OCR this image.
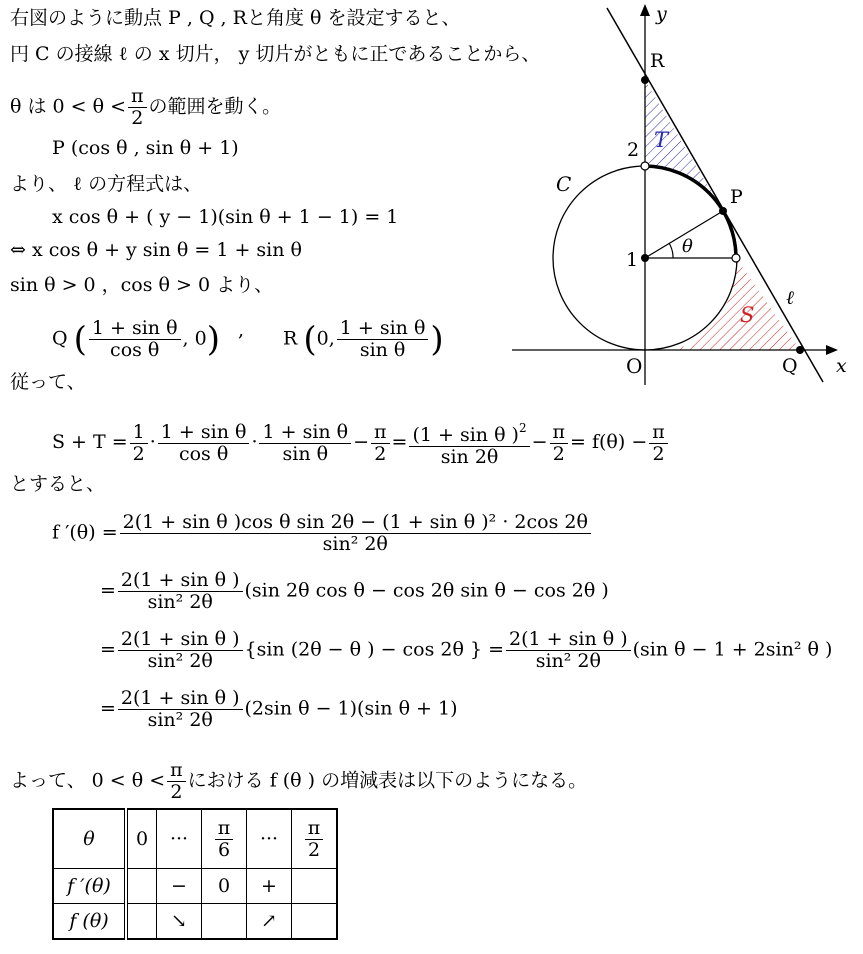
右図のように動点 P , Q , Rと角度 θ を設定すると、
円 C の接線 ℓ の x 切片， y 切片がともに正であることから、
θ は $0 < \theta < \frac{\pi}{2}$ の範囲を動く。
P (cos θ , sin θ + 1)
より、 ℓ の方程式は、
x cos θ + ( y − 1)(sin θ + 1 − 1) = 1
⇔ x cos θ + y sin θ = 1 + sin θ
sin θ > 0 ，cos θ > 0 より、
Q ( $\frac{\text{1 + sin θ}}{\text{cos θ}}$ , 0) , R (0, $\frac{\text{1 + sin θ}}{\text{sin θ}}$ )
従って、
$S + T = \frac{1}{2} \cdot \frac{\text{1 + sin θ}}{\text{cos θ}} \cdot \frac{\text{1 + sin θ}}{\text{sin θ}} - \frac{\pi}{2} = \frac{(1 + \sin \theta )^2}{\sin 2\theta} - \frac{\pi}{2} = f(\theta) - \frac{\pi}{2}$
とすると、
f $'(\theta) = \frac{\text{2(1 + sin θ )cos θ sin 2θ − (1 + sin θ )² · 2cos 2θ}}{\text{sin² 2θ}}$
= $\frac{\text{2(1 + sin θ )}}{\text{sin² 2θ}} (\sin$ 2θ cos θ − cos 2θ sin θ − cos 2θ )
= $\frac{\text{2(1 + sin θ )}}{\text{sin² 2θ}} \{\sin$ (2θ − θ ) − cos 2θ } = $\frac{\text{2(1 + sin θ )}}{\text{sin² 2θ}} (\sin$ θ − 1 + 2sin² θ )
= $\frac{\text{2(1 + sin θ )}}{\text{sin² 2θ}} (2\sin$ θ − 1)(sin θ + 1)
よって、 $0 < \theta < \frac{\pi}{2}$ における f (θ ) の増減表は以下のようになる。
θ	0	···	$\frac{\pi}{6}$	···	$\frac{\pi}{2}$

f ′(θ)		−	0	+	
f (θ)		↘		↗	
y
x
R
2 T
C
P
1
θ
S
ℓ
O	Q
